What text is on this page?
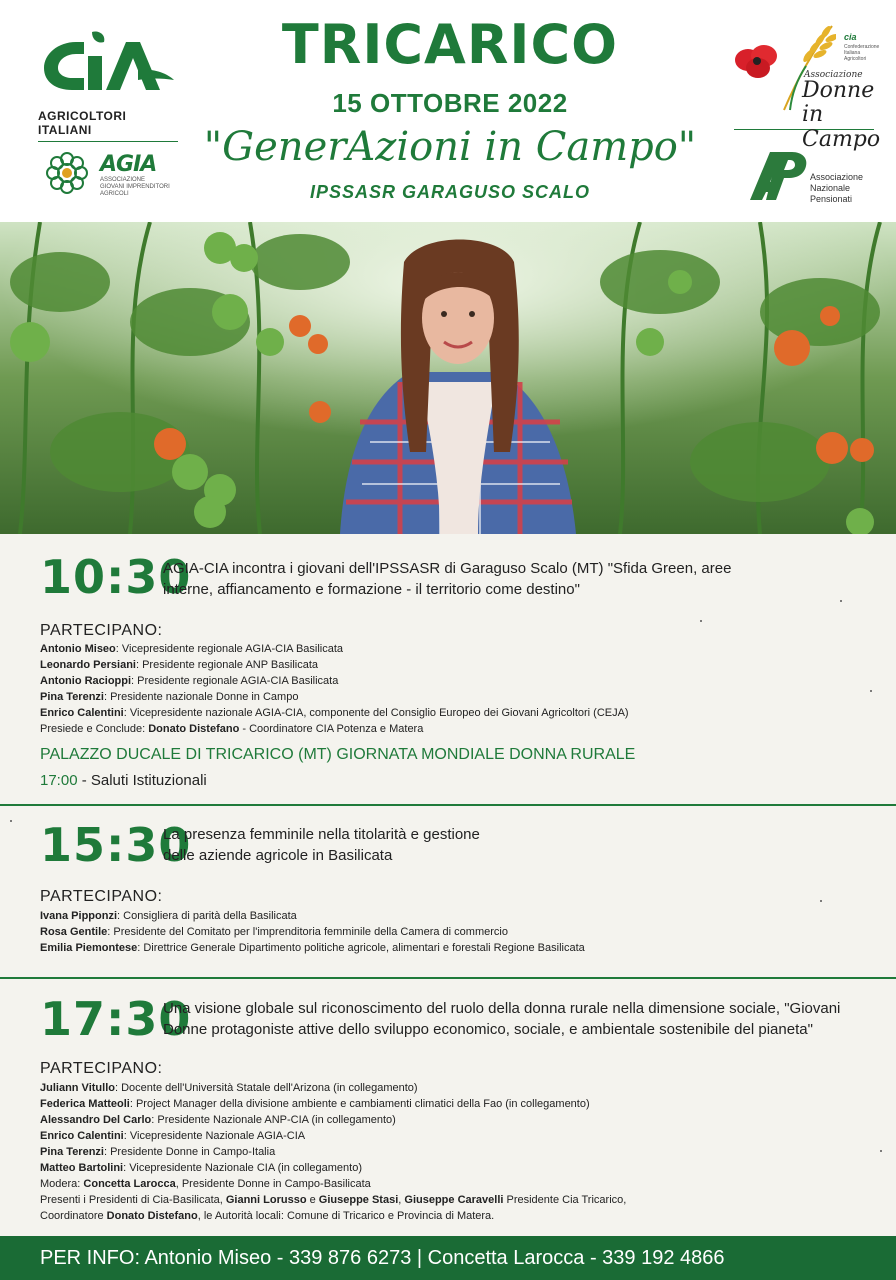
AGRICOLTORI ITALIANI
AGIA
ASSOCIAZIONE GIOVANI IMPRENDITORI AGRICOLI
TRICARICO
15 OTTOBRE 2022
"GenerAzioni in Campo"
IPSSASR GARAGUSO SCALO
cia
Confederazione Italiana Agricoltori
Associazione
Donne
in Campo
Associazione
Nazionale
Pensionati
10:30
AGIA-CIA incontra i giovani dell'IPSSASR di Garaguso Scalo (MT) "Sfida Green, aree
interne, affiancamento e formazione - il territorio come destino"
PARTECIPANO:
Antonio Miseo: Vicepresidente regionale AGIA-CIA Basilicata
Leonardo Persiani: Presidente regionale ANP Basilicata
Antonio Racioppi: Presidente regionale AGIA-CIA Basilicata
Pina Terenzi: Presidente nazionale Donne in Campo
Enrico Calentini: Vicepresidente nazionale AGIA-CIA, componente del Consiglio Europeo dei Giovani Agricoltori (CEJA)
Presiede e Conclude: Donato Distefano - Coordinatore CIA Potenza e Matera
PALAZZO DUCALE DI TRICARICO (MT) GIORNATA MONDIALE DONNA RURALE
17:00 - Saluti Istituzionali
15:30
La presenza femminile nella titolarità e gestione
delle aziende agricole in Basilicata
PARTECIPANO:
Ivana Pipponzi: Consigliera di parità della Basilicata
Rosa Gentile: Presidente del Comitato per l'imprenditoria femminile della Camera di commercio
Emilia Piemontese: Direttrice Generale Dipartimento politiche agricole, alimentari e forestali Regione Basilicata
17:30
Una visione globale sul riconoscimento del ruolo della donna rurale nella dimensione sociale, "Giovani
Donne protagoniste attive dello sviluppo economico, sociale, e ambientale sostenibile del pianeta"
PARTECIPANO:
Juliann Vitullo: Docente dell'Università Statale dell'Arizona (in collegamento)
Federica Matteoli: Project Manager della divisione ambiente e cambiamenti climatici della Fao (in collegamento)
Alessandro Del Carlo: Presidente Nazionale ANP-CIA (in collegamento)
Enrico Calentini: Vicepresidente Nazionale AGIA-CIA
Pina Terenzi: Presidente Donne in Campo-Italia
Matteo Bartolini: Vicepresidente Nazionale CIA (in collegamento)
Modera: Concetta Larocca, Presidente Donne in Campo-Basilicata
Presenti i Presidenti di Cia-Basilicata, Gianni Lorusso e Giuseppe Stasi, Giuseppe Caravelli Presidente Cia Tricarico,
Coordinatore Donato Distefano, le Autorità locali: Comune di Tricarico e Provincia di Matera.
PER INFO: Antonio Miseo - 339 876 6273 | Concetta Larocca - 339 192 4866
